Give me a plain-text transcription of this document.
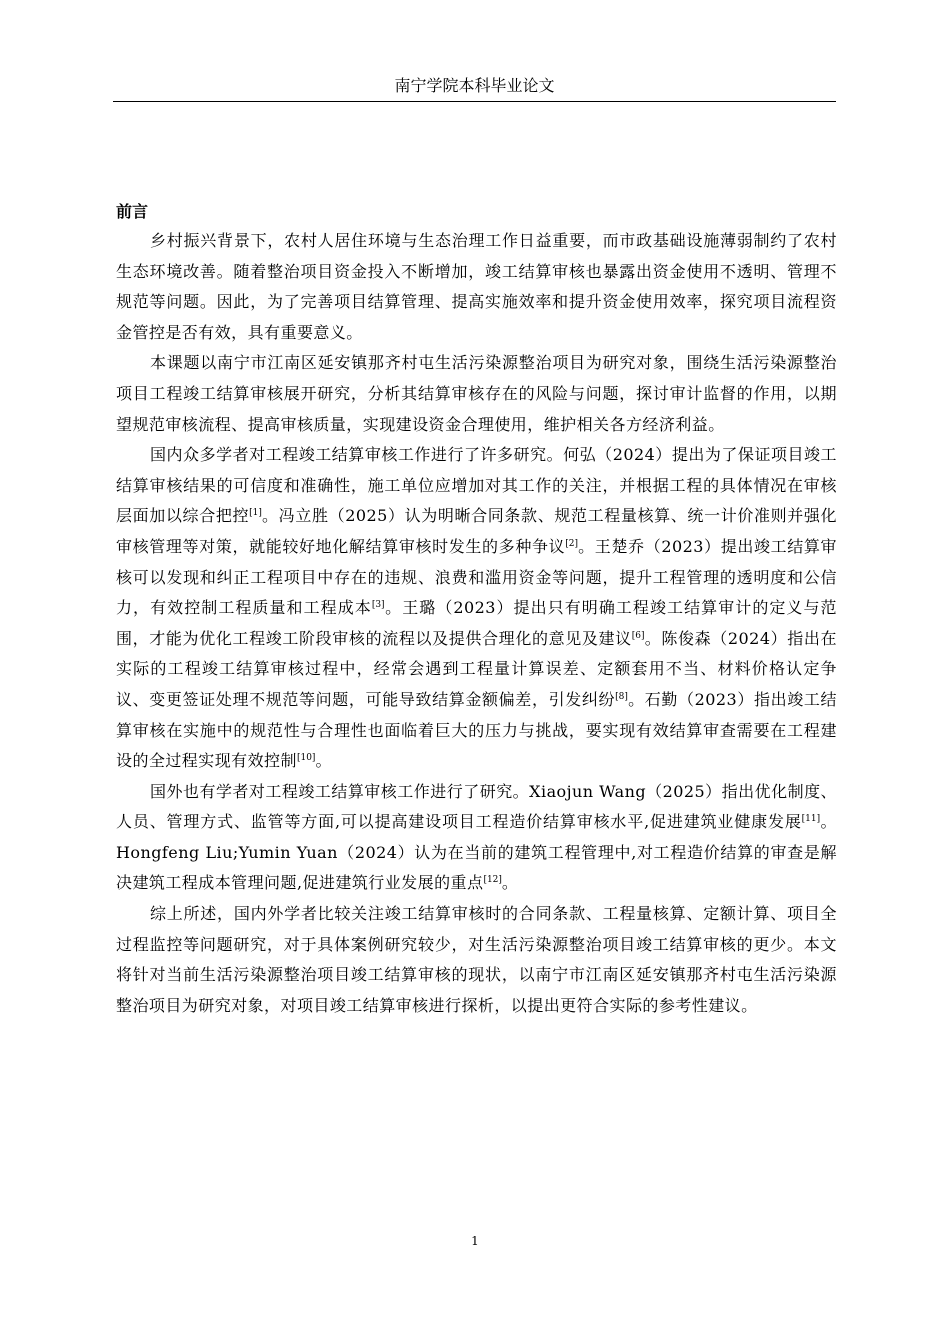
南宁学院本科毕业论文
前言

乡村振兴背景下，农村人居住环境与生态治理工作日益重要，而市政基础设施薄弱制约了农村生态环境改善。随着整治项目资金投入不断增加，竣工结算审核也暴露出资金使用不透明、管理不规范等问题。因此，为了完善项目结算管理、提高实施效率和提升资金使用效率，探究项目流程资金管控是否有效，具有重要意义。

本课题以南宁市江南区延安镇那齐村屯生活污染源整治项目为研究对象，围绕生活污染源整治项目工程竣工结算审核展开研究，分析其结算审核存在的风险与问题，探讨审计监督的作用，以期望规范审核流程、提高审核质量，实现建设资金合理使用，维护相关各方经济利益。

国内众多学者对工程竣工结算审核工作进行了许多研究。何弘（2024）提出为了保证项目竣工结算审核结果的可信度和准确性，施工单位应增加对其工作的关注，并根据工程的具体情况在审核层面加以综合把控[1]。冯立胜（2025）认为明晰合同条款、规范工程量核算、统一计价准则并强化审核管理等对策，就能较好地化解结算审核时发生的多种争议[2]。王楚乔（2023）提出竣工结算审核可以发现和纠正工程项目中存在的违规、浪费和滥用资金等问题，提升工程管理的透明度和公信力，有效控制工程质量和工程成本[3]。王璐（2023）提出只有明确工程竣工结算审计的定义与范围，才能为优化工程竣工阶段审核的流程以及提供合理化的意见及建议[6]。陈俊森（2024）指出在实际的工程竣工结算审核过程中，经常会遇到工程量计算误差、定额套用不当、材料价格认定争议、变更签证处理不规范等问题，可能导致结算金额偏差，引发纠纷[8]。石勤（2023）指出竣工结算审核在实施中的规范性与合理性也面临着巨大的压力与挑战，要实现有效结算审查需要在工程建设的全过程实现有效控制[10]。

国外也有学者对工程竣工结算审核工作进行了研究。Xiaojun Wang（2025）指出优化制度、人员、管理方式、监管等方面,可以提高建设项目工程造价结算审核水平,促进建筑业健康发展[11]。Hongfeng Liu;Yumin Yuan（2024）认为在当前的建筑工程管理中,对工程造价结算的审查是解决建筑工程成本管理问题,促进建筑行业发展的重点[12]。

综上所述，国内外学者比较关注竣工结算审核时的合同条款、工程量核算、定额计算、项目全过程监控等问题研究，对于具体案例研究较少，对生活污染源整治项目竣工结算审核的更少。本文将针对当前生活污染源整治项目竣工结算审核的现状，以南宁市江南区延安镇那齐村屯生活污染源整治项目为研究对象，对项目竣工结算审核进行探析，以提出更符合实际的参考性建议。

1
